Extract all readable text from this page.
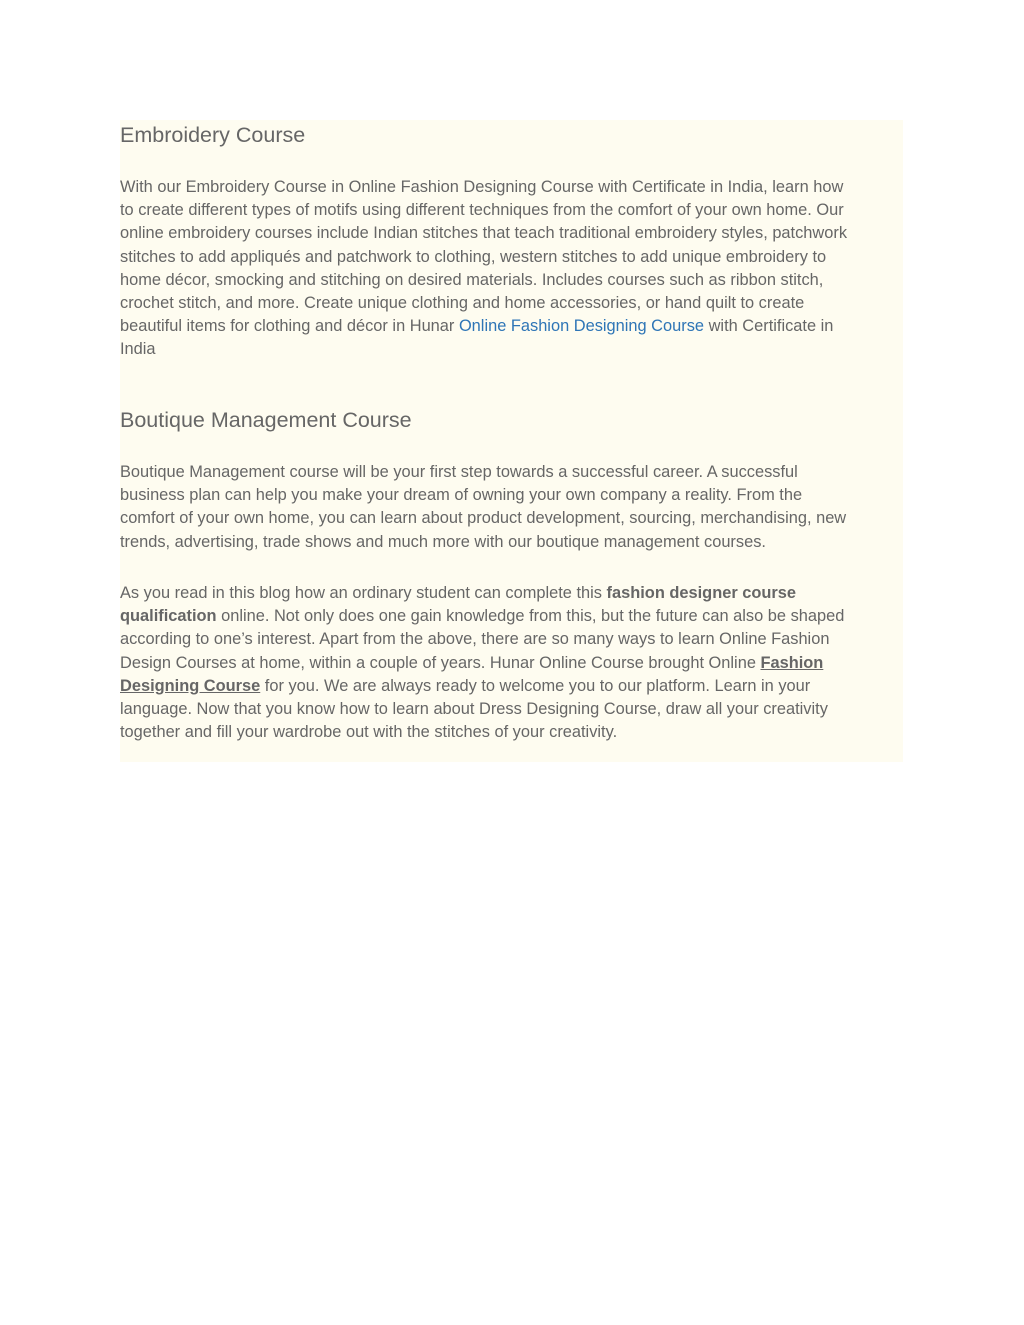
Embroidery Course

With our Embroidery Course in Online Fashion Designing Course with Certificate in India, learn how
to create different types of motifs using different techniques from the comfort of your own home. Our
online embroidery courses include Indian stitches that teach traditional embroidery styles, patchwork
stitches to add appliqués and patchwork to clothing, western stitches to add unique embroidery to
home décor, smocking and stitching on desired materials. Includes courses such as ribbon stitch,
crochet stitch, and more. Create unique clothing and home accessories, or hand quilt to create
beautiful items for clothing and décor in Hunar Online Fashion Designing Course with Certificate in
India

Boutique Management Course

Boutique Management course will be your first step towards a successful career. A successful
business plan can help you make your dream of owning your own company a reality. From the
comfort of your own home, you can learn about product development, sourcing, merchandising, new
trends, advertising, trade shows and much more with our boutique management courses.

As you read in this blog how an ordinary student can complete this fashion designer course
qualification online. Not only does one gain knowledge from this, but the future can also be shaped
according to one’s interest. Apart from the above, there are so many ways to learn Online Fashion
Design Courses at home, within a couple of years. Hunar Online Course brought Online Fashion
Designing Course for you. We are always ready to welcome you to our platform. Learn in your
language. Now that you know how to learn about Dress Designing Course, draw all your creativity
together and fill your wardrobe out with the stitches of your creativity.
